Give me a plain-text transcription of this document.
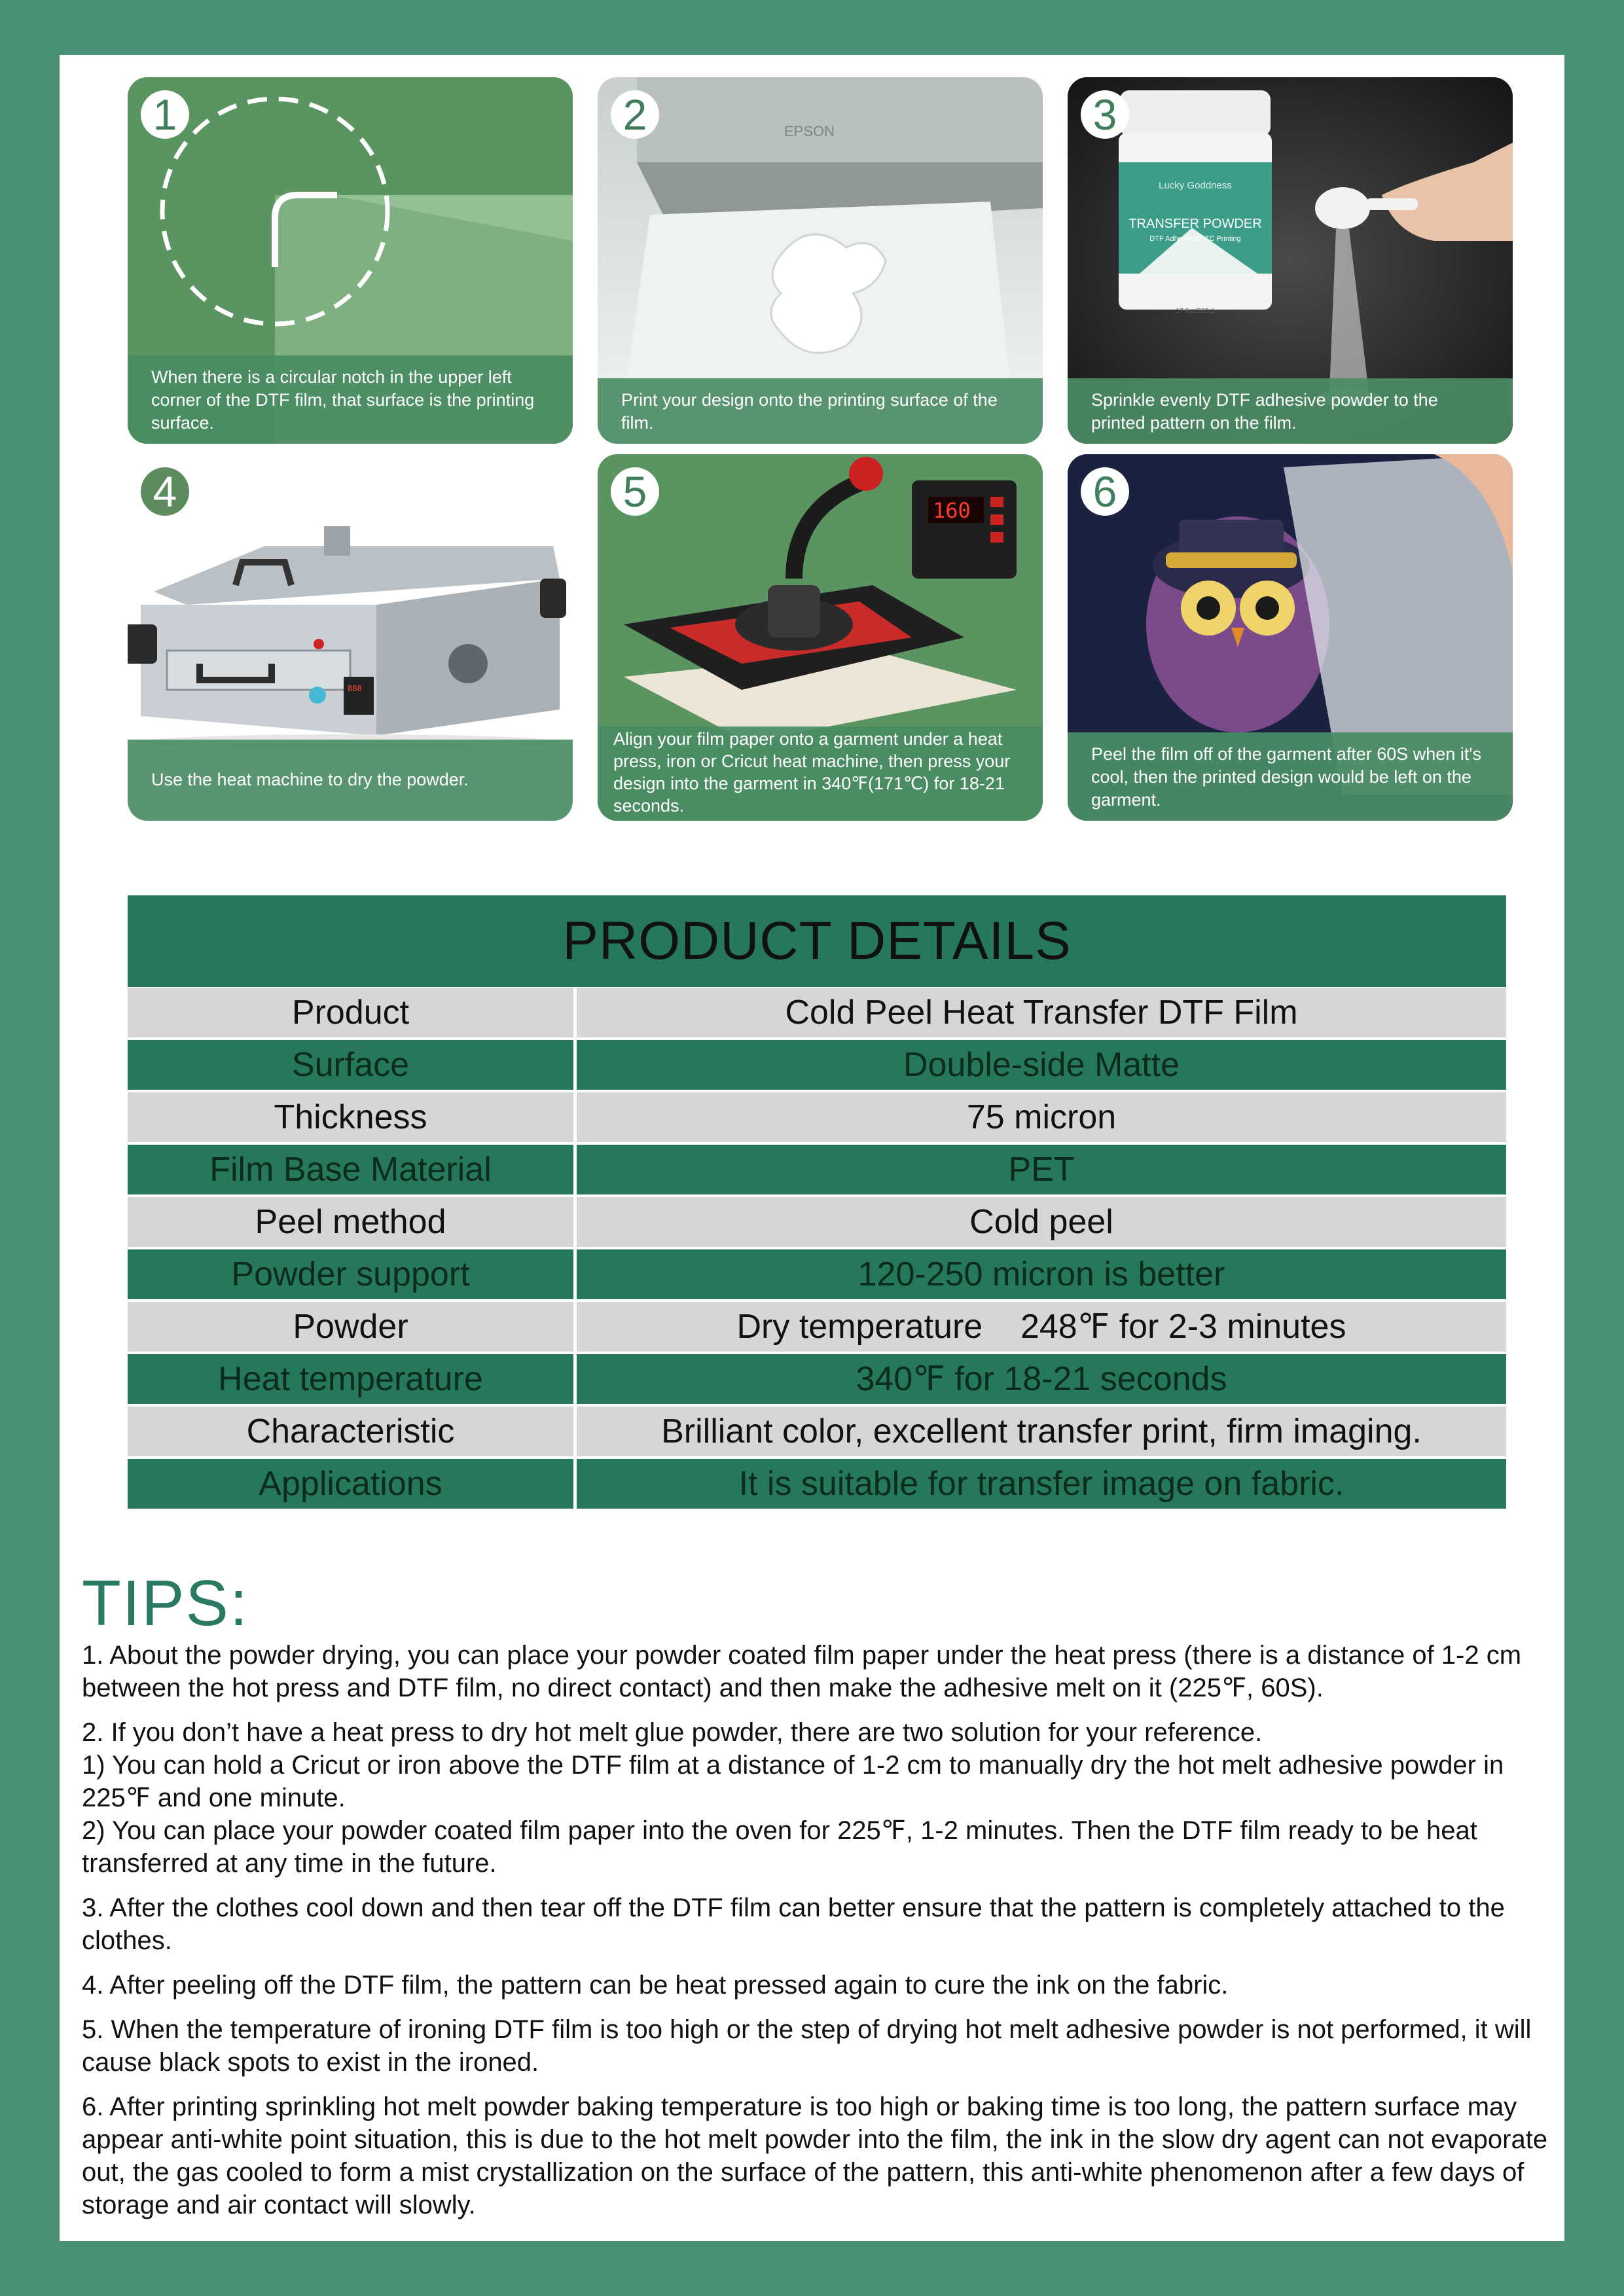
1
When there is a circular notch in the upper left corner of the DTF film, that surface is the printing surface.
EPSON
2
Print your design onto the printing surface of the film.
Lucky Goddness
TRANSFER POWDER
DTF Adhesive&DTC Printing
17.6oz(500g)
3
Sprinkle evenly DTF adhesive powder to the printed pattern on the film.
888
4
Use the heat machine to dry the powder.
160
5
Align your film paper onto a garment under a heat press, iron or Cricut heat machine, then press your design into the garment in 340℉(171℃) for 18-21 seconds.
6
Peel the film off of the garment after 60S when it's cool, then the printed design would be left on the garment.
PRODUCT DETAILS
Product	Cold Peel Heat Transfer DTF Film
Surface	Double-side Matte
Thickness	75 micron
Film Base Material	PET
Peel method	Cold peel
Powder support	120-250 micron is better
Powder	Dry temperature    248℉ for 2-3 minutes
Heat temperature	340℉ for 18-21 seconds
Characteristic	Brilliant color, excellent transfer print, firm imaging.
Applications	It is suitable for transfer image on fabric.
TIPS:

1. About the powder drying, you can place your powder coated film paper under the heat press (there is a distance of 1-2 cm between the hot press and DTF film, no direct contact) and then make the adhesive melt on it (225℉, 60S).

2. If you don’t have a heat press to dry hot melt glue powder, there are two solution for your reference.

1) You can hold a Cricut or iron above the DTF film at a distance of 1-2 cm to manually dry the hot melt adhesive powder in 225℉ and one minute.

2) You can place your powder coated film paper into the oven for 225℉, 1-2 minutes. Then the DTF film ready to be heat transferred at any time in the future.

3. After the clothes cool down and then tear off the DTF film can better ensure that the pattern is completely attached to the clothes.

4. After peeling off the DTF film, the pattern can be heat pressed again to cure the ink on the fabric.

5. When the temperature of ironing DTF film is too high or the step of drying hot melt adhesive powder is not performed, it will cause black spots to exist in the ironed.

6. After printing sprinkling hot melt powder baking temperature is too high or baking time is too long, the pattern surface may appear anti-white point situation, this is due to the hot melt powder into the film, the ink in the slow dry agent can not evaporate out, the gas cooled to form a mist crystallization on the surface of the pattern, this anti-white phenomenon after a few days of storage and air contact will slowly.
